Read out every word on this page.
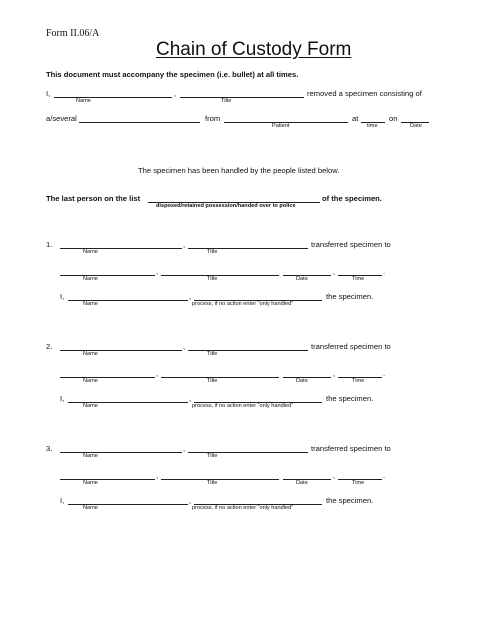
Form II.06/A
Chain of Custody Form
This document must accompany the specimen (i.e. bullet) at all times.
I,	,	removed a specimen consisting of
Name	Title
a/several	from	at	on
Patient	time	Date
The specimen has been handled by the people listed below.
The last person on the list	of the specimen.
disposed/retained possession/handed over to police
1.	,	transferred specimen to
Name	Title
,	,	.
Name	Title	Date	Time
I,	,	the specimen.
Name	process, if no action enter “only handled”
2.	,	transferred specimen to
Name	Title
,	,	.
Name	Title	Date	Time
I,	,	the specimen.
Name	process, if no action enter “only handled”
3.	,	transferred specimen to
Name	Title
,	,	.
Name	Title	Date	Time
I,	,	the specimen.
Name	process, if no action enter “only handled”
